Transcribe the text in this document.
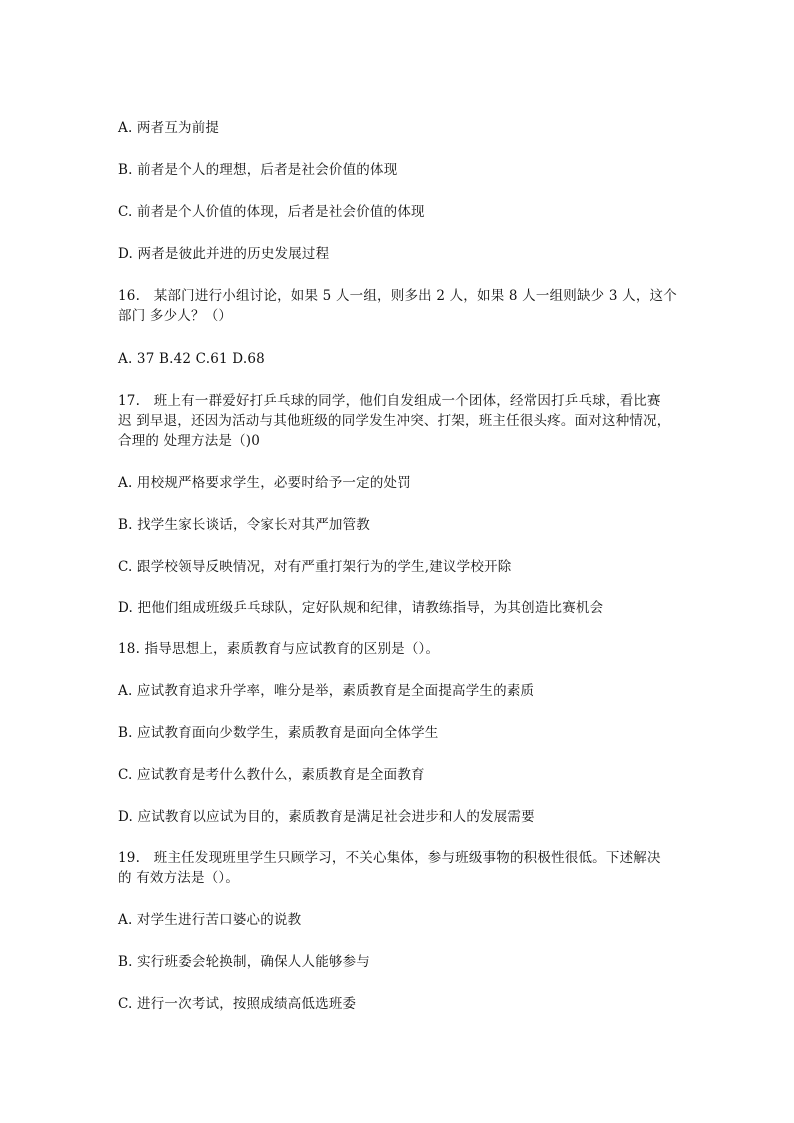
A. 两者互为前提
B. 前者是个人的理想，后者是社会价值的体现
C. 前者是个人价值的体现，后者是社会价值的体现
D. 两者是彼此并进的历史发展过程
16.　某部门进行小组讨论，如果 5 人一组，则多出 2 人，如果 8 人一组则缺少 3 人，这个
部门 多少人？（）
A. 37 B.42 C.61 D.68
17.　班上有一群爱好打乒乓球的同学，他们自发组成一个团体，经常因打乒乓球，看比赛
迟 到早退，还因为活动与其他班级的同学发生冲突、打架，班主任很头疼。面对这种情况，
合理的 处理方法是（)0
A. 用校规严格要求学生，必要时给予一定的处罚
B. 找学生家长谈话，令家长对其严加管教
C. 跟学校领导反映情况，对有严重打架行为的学生,建议学校开除
D. 把他们组成班级乒乓球队，定好队规和纪律，请教练指导，为其创造比赛机会
18. 指导思想上，素质教育与应试教育的区别是（）。
A. 应试教育追求升学率，唯分是举，素质教育是全面提高学生的素质
B. 应试教育面向少数学生，素质教育是面向全体学生
C. 应试教育是考什么教什么，素质教育是全面教育
D. 应试教育以应试为目的，素质教育是满足社会进步和人的发展需要
19.　班主任发现班里学生只顾学习，不关心集体，参与班级事物的积极性很低。下述解决
的 有效方法是（）。
A. 对学生进行苦口婆心的说教
B. 实行班委会轮换制，确保人人能够参与
C. 进行一次考试，按照成绩高低选班委
